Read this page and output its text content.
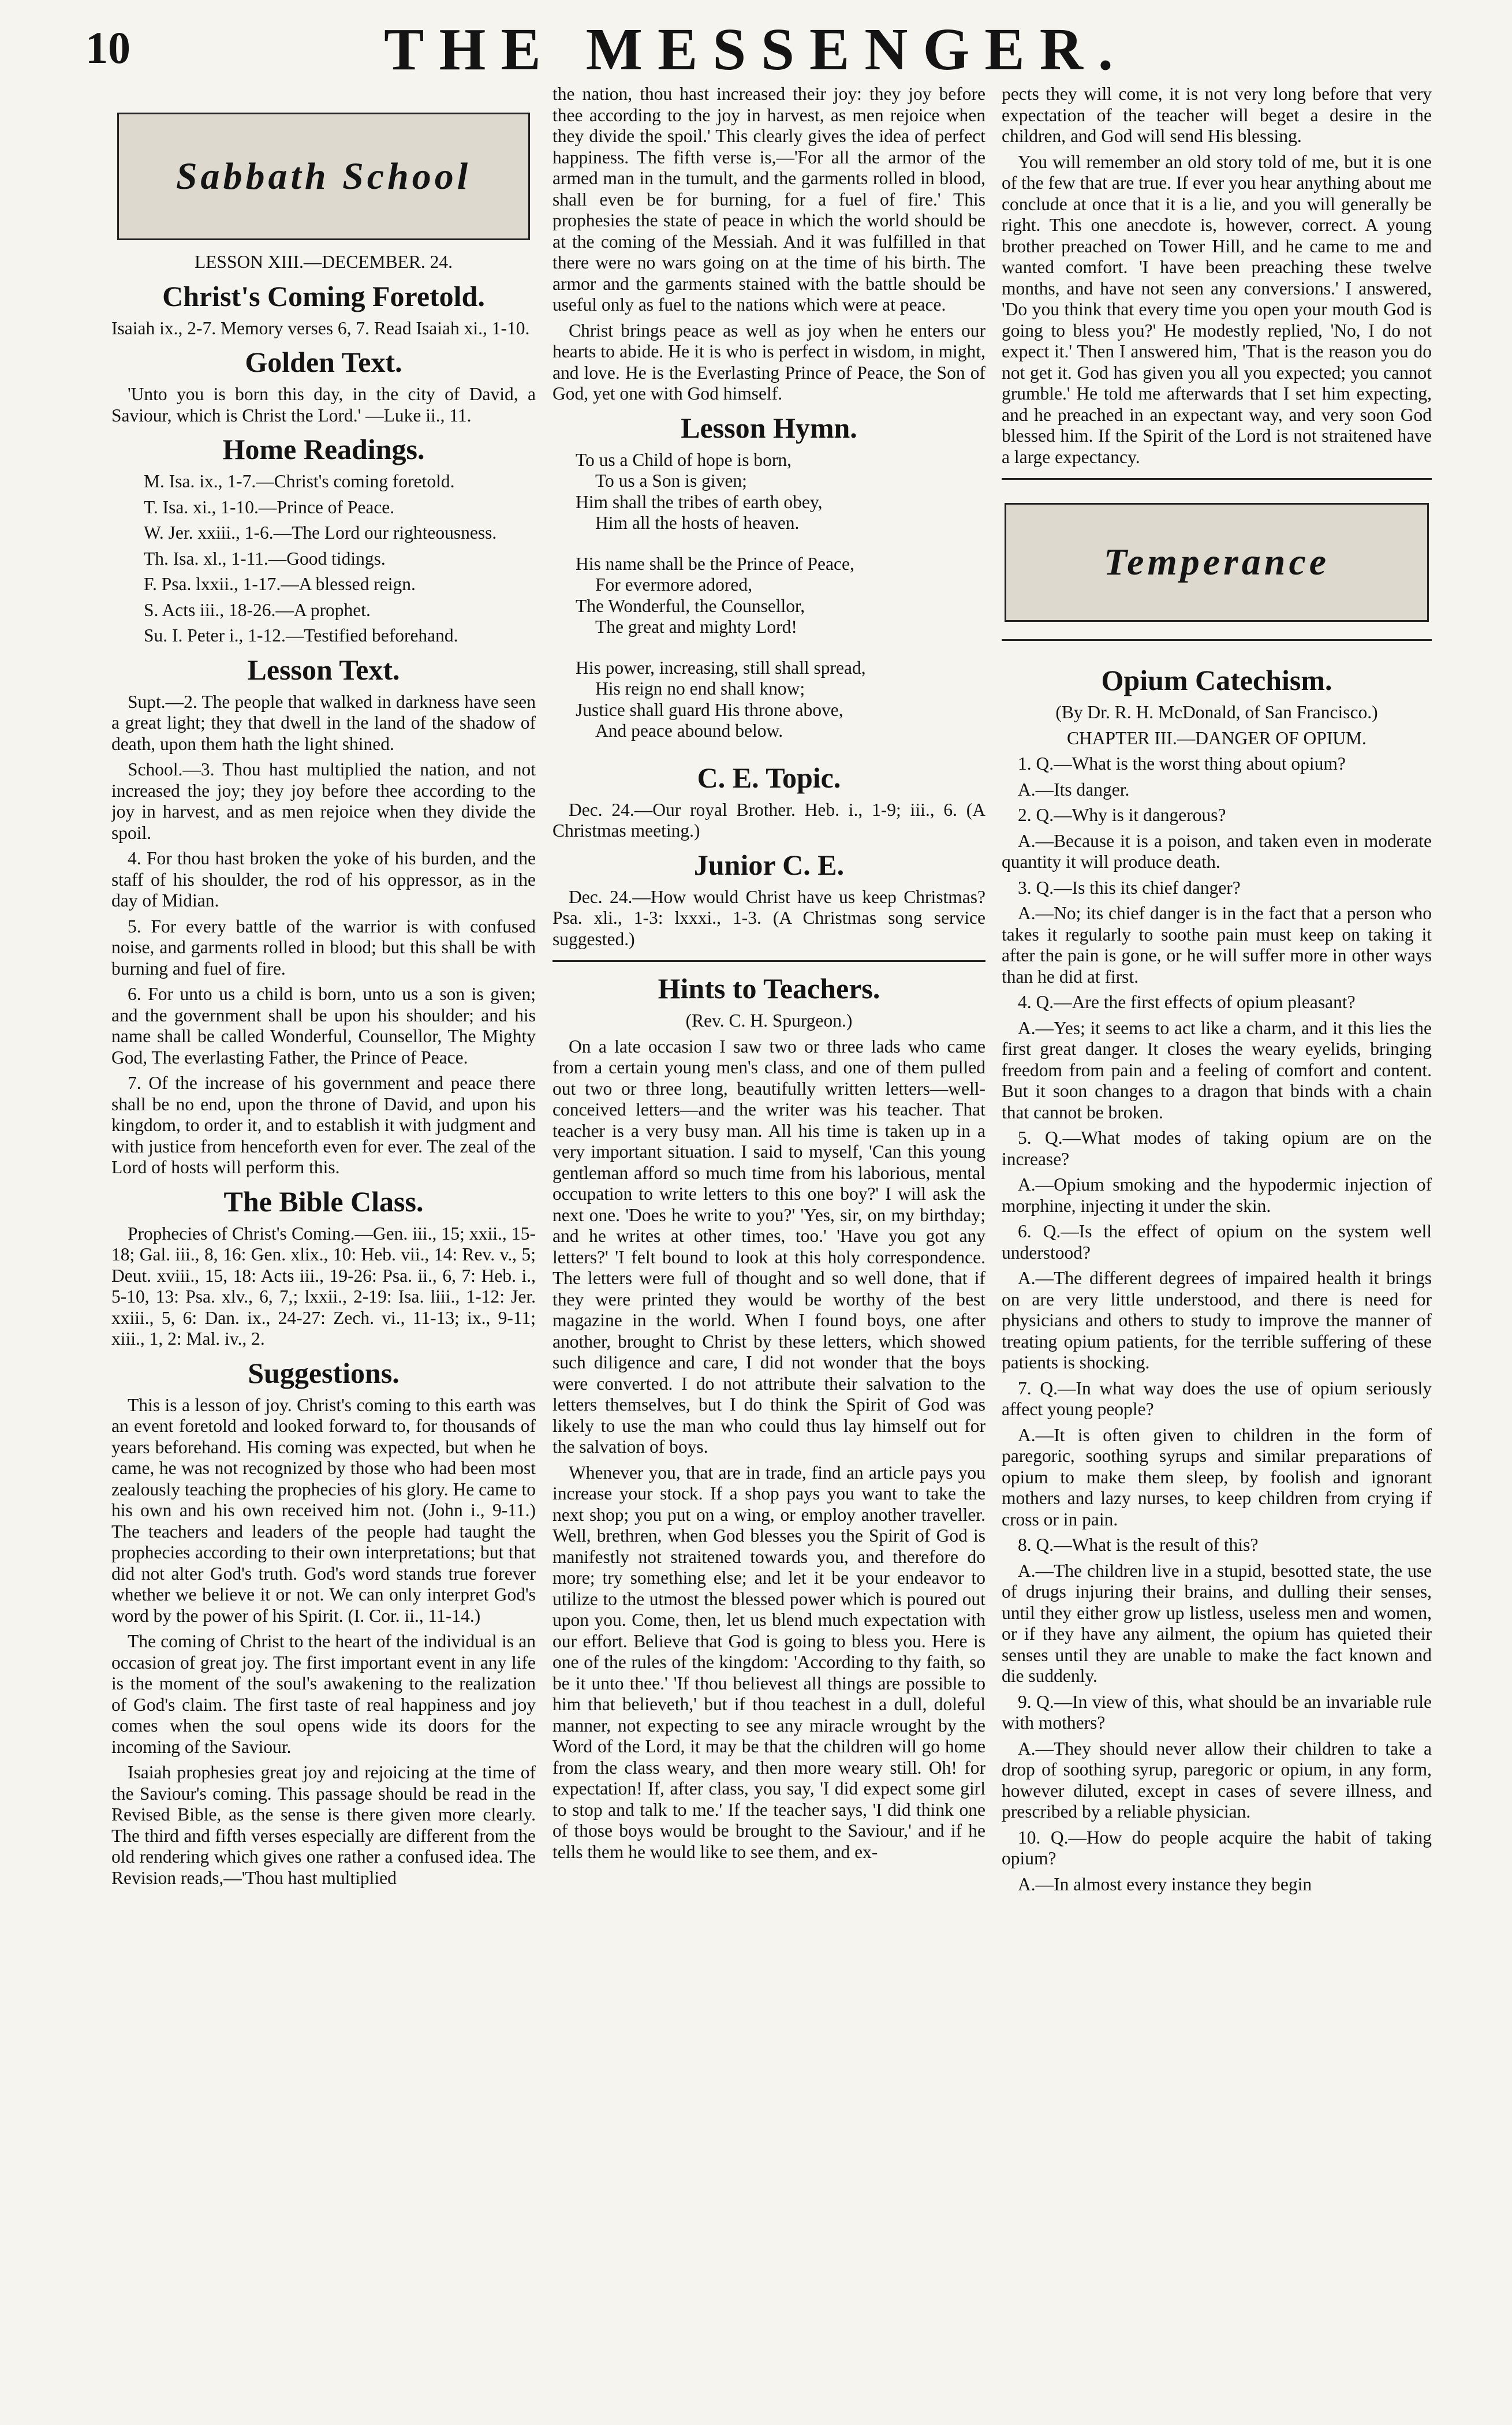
10	THE MESSENGER.
Sabbath School

LESSON XIII.—DECEMBER. 24.

Christ's Coming Foretold.

Isaiah ix., 2-7. Memory verses 6, 7. Read Isaiah xi., 1-10.

Golden Text.

'Unto you is born this day, in the city of David, a Saviour, which is Christ the Lord.' —Luke ii., 11.

Home Readings.

M. Isa. ix., 1-7.—Christ's coming foretold.

T. Isa. xi., 1-10.—Prince of Peace.

W. Jer. xxiii., 1-6.—The Lord our righteousness.

Th. Isa. xl., 1-11.—Good tidings.

F. Psa. lxxii., 1-17.—A blessed reign.

S. Acts iii., 18-26.—A prophet.

Su. I. Peter i., 1-12.—Testified beforehand.

Lesson Text.

Supt.—2. The people that walked in darkness have seen a great light; they that dwell in the land of the shadow of death, upon them hath the light shined.

School.—3. Thou hast multiplied the nation, and not increased the joy; they joy before thee according to the joy in harvest, and as men rejoice when they divide the spoil.

4. For thou hast broken the yoke of his burden, and the staff of his shoulder, the rod of his oppressor, as in the day of Midian.

5. For every battle of the warrior is with confused noise, and garments rolled in blood; but this shall be with burning and fuel of fire.

6. For unto us a child is born, unto us a son is given; and the government shall be upon his shoulder; and his name shall be called Wonderful, Counsellor, The Mighty God, The everlasting Father, the Prince of Peace.

7. Of the increase of his government and peace there shall be no end, upon the throne of David, and upon his kingdom, to order it, and to establish it with judgment and with justice from henceforth even for ever. The zeal of the Lord of hosts will perform this.

The Bible Class.

Prophecies of Christ's Coming.—Gen. iii., 15; xxii., 15-18; Gal. iii., 8, 16: Gen. xlix., 10: Heb. vii., 14: Rev. v., 5; Deut. xviii., 15, 18: Acts iii., 19-26: Psa. ii., 6, 7: Heb. i., 5-10, 13: Psa. xlv., 6, 7,; lxxii., 2-19: Isa. liii., 1-12: Jer. xxiii., 5, 6: Dan. ix., 24-27: Zech. vi., 11-13; ix., 9-11; xiii., 1, 2: Mal. iv., 2.

Suggestions.

This is a lesson of joy. Christ's coming to this earth was an event foretold and looked forward to, for thousands of years beforehand. His coming was expected, but when he came, he was not recognized by those who had been most zealously teaching the prophecies of his glory. He came to his own and his own received him not. (John i., 9-11.) The teachers and leaders of the people had taught the prophecies according to their own interpretations; but that did not alter God's truth. God's word stands true forever whether we believe it or not. We can only interpret God's word by the power of his Spirit. (I. Cor. ii., 11-14.)

The coming of Christ to the heart of the individual is an occasion of great joy. The first important event in any life is the moment of the soul's awakening to the realization of God's claim. The first taste of real happiness and joy comes when the soul opens wide its doors for the incoming of the Saviour.

Isaiah prophesies great joy and rejoicing at the time of the Saviour's coming. This passage should be read in the Revised Bible, as the sense is there given more clearly. The third and fifth verses especially are different from the old rendering which gives one rather a confused idea. The Revision reads,—'Thou hast multiplied

the nation, thou hast increased their joy: they joy before thee according to the joy in harvest, as men rejoice when they divide the spoil.' This clearly gives the idea of perfect happiness. The fifth verse is,—'For all the armor of the armed man in the tumult, and the garments rolled in blood, shall even be for burning, for a fuel of fire.' This prophesies the state of peace in which the world should be at the coming of the Messiah. And it was fulfilled in that there were no wars going on at the time of his birth. The armor and the garments stained with the battle should be useful only as fuel to the nations which were at peace.

Christ brings peace as well as joy when he enters our hearts to abide. He it is who is perfect in wisdom, in might, and love. He is the Everlasting Prince of Peace, the Son of God, yet one with God himself.

Lesson Hymn.

To us a Child of hope is born,

To us a Son is given;

Him shall the tribes of earth obey,

Him all the hosts of heaven.

His name shall be the Prince of Peace,

For evermore adored,

The Wonderful, the Counsellor,

The great and mighty Lord!

His power, increasing, still shall spread,

His reign no end shall know;

Justice shall guard His throne above,

And peace abound below.

C. E. Topic.

Dec. 24.—Our royal Brother. Heb. i., 1-9; iii., 6. (A Christmas meeting.)

Junior C. E.

Dec. 24.—How would Christ have us keep Christmas? Psa. xli., 1-3: lxxxi., 1-3. (A Christmas song service suggested.)

Hints to Teachers.

(Rev. C. H. Spurgeon.)

On a late occasion I saw two or three lads who came from a certain young men's class, and one of them pulled out two or three long, beautifully written letters—well-conceived letters—and the writer was his teacher. That teacher is a very busy man. All his time is taken up in a very important situation. I said to myself, 'Can this young gentleman afford so much time from his laborious, mental occupation to write letters to this one boy?' I will ask the next one. 'Does he write to you?' 'Yes, sir, on my birthday; and he writes at other times, too.' 'Have you got any letters?' 'I felt bound to look at this holy correspondence. The letters were full of thought and so well done, that if they were printed they would be worthy of the best magazine in the world. When I found boys, one after another, brought to Christ by these letters, which showed such diligence and care, I did not wonder that the boys were converted. I do not attribute their salvation to the letters themselves, but I do think the Spirit of God was likely to use the man who could thus lay himself out for the salvation of boys.

Whenever you, that are in trade, find an article pays you increase your stock. If a shop pays you want to take the next shop; you put on a wing, or employ another traveller. Well, brethren, when God blesses you the Spirit of God is manifestly not straitened towards you, and therefore do more; try something else; and let it be your endeavor to utilize to the utmost the blessed power which is poured out upon you. Come, then, let us blend much expectation with our effort. Believe that God is going to bless you. Here is one of the rules of the kingdom: 'According to thy faith, so be it unto thee.' 'If thou believest all things are possible to him that believeth,' but if thou teachest in a dull, doleful manner, not expecting to see any miracle wrought by the Word of the Lord, it may be that the children will go home from the class weary, and then more weary still. Oh! for expectation! If, after class, you say, 'I did expect some girl to stop and talk to me.' If the teacher says, 'I did think one of those boys would be brought to the Saviour,' and if he tells them he would like to see them, and ex-

pects they will come, it is not very long before that very expectation of the teacher will beget a desire in the children, and God will send His blessing.

You will remember an old story told of me, but it is one of the few that are true. If ever you hear anything about me conclude at once that it is a lie, and you will generally be right. This one anecdote is, however, correct. A young brother preached on Tower Hill, and he came to me and wanted comfort. 'I have been preaching these twelve months, and have not seen any conversions.' I answered, 'Do you think that every time you open your mouth God is going to bless you?' He modestly replied, 'No, I do not expect it.' Then I answered him, 'That is the reason you do not get it. God has given you all you expected; you cannot grumble.' He told me afterwards that I set him expecting, and he preached in an expectant way, and very soon God blessed him. If the Spirit of the Lord is not straitened have a large expectancy.

Temperance
Opium Catechism.

(By Dr. R. H. McDonald, of San Francisco.)

CHAPTER III.—DANGER OF OPIUM.

1. Q.—What is the worst thing about opium?

A.—Its danger.

2. Q.—Why is it dangerous?

A.—Because it is a poison, and taken even in moderate quantity it will produce death.

3. Q.—Is this its chief danger?

A.—No; its chief danger is in the fact that a person who takes it regularly to soothe pain must keep on taking it after the pain is gone, or he will suffer more in other ways than he did at first.

4. Q.—Are the first effects of opium pleasant?

A.—Yes; it seems to act like a charm, and it this lies the first great danger. It closes the weary eyelids, bringing freedom from pain and a feeling of comfort and content. But it soon changes to a dragon that binds with a chain that cannot be broken.

5. Q.—What modes of taking opium are on the increase?

A.—Opium smoking and the hypodermic injection of morphine, injecting it under the skin.

6. Q.—Is the effect of opium on the system well understood?

A.—The different degrees of impaired health it brings on are very little understood, and there is need for physicians and others to study to improve the manner of treating opium patients, for the terrible suffering of these patients is shocking.

7. Q.—In what way does the use of opium seriously affect young people?

A.—It is often given to children in the form of paregoric, soothing syrups and similar preparations of opium to make them sleep, by foolish and ignorant mothers and lazy nurses, to keep children from crying if cross or in pain.

8. Q.—What is the result of this?

A.—The children live in a stupid, besotted state, the use of drugs injuring their brains, and dulling their senses, until they either grow up listless, useless men and women, or if they have any ailment, the opium has quieted their senses until they are unable to make the fact known and die suddenly.

9. Q.—In view of this, what should be an invariable rule with mothers?

A.—They should never allow their children to take a drop of soothing syrup, paregoric or opium, in any form, however diluted, except in cases of severe illness, and prescribed by a reliable physician.

10. Q.—How do people acquire the habit of taking opium?

A.—In almost every instance they begin
